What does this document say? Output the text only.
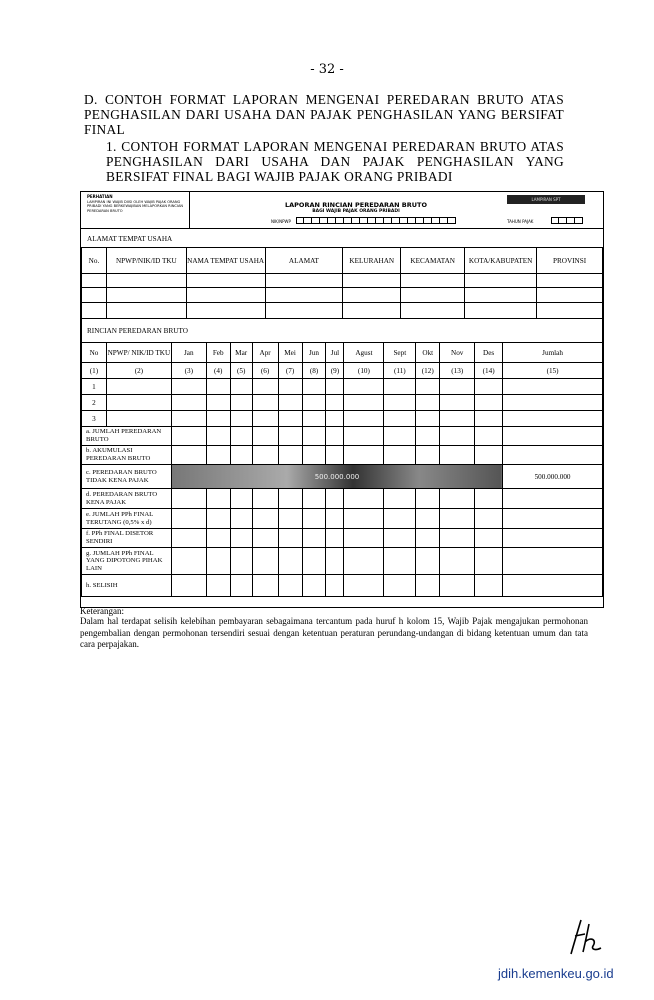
- 32 -
D. CONTOH FORMAT LAPORAN MENGENAI PEREDARAN BRUTO ATAS PENGHASILAN DARI USAHA DAN PAJAK PENGHASILAN YANG BERSIFAT FINAL
1. CONTOH FORMAT LAPORAN MENGENAI PEREDARAN BRUTO ATAS PENGHASILAN DARI USAHA DAN PAJAK PENGHASILAN YANG BERSIFAT FINAL BAGI WAJIB PAJAK ORANG PRIBADI
PERHATIAN
LAMPIRAN INI WAJIB DIISI OLEH WAJIB PAJAK ORANG PRIBADI YANG BERKEWAJIBAN MELAPORKAN RINCIAN PEREDARAN BRUTO
LAPORAN RINCIAN PEREDARAN BRUTO
BAGI WAJIB PAJAK ORANG PRIBADI
NIK/NPWP
LAMPIRAN SPT
TAHUN PAJAK
ALAMAT TEMPAT USAHA
No.	NPWP/NIK/ID TKU	NAMA TEMPAT USAHA	ALAMAT	KELURAHAN	KECAMATAN	KOTA/KABUPATEN	PROVINSI

RINCIAN PEREDARAN BRUTO
No	NPWP/ NIK/ID TKU	Jan	Feb	Mar	Apr	Mei	Jun	Jul	Agust	Sept	Okt	Nov	Des	Jumlah
(1)	(2)	(3)	(4)	(5)	(6)	(7)	(8)	(9)	(10)	(11)	(12)	(13)	(14)	(15)
1														
2														
3														
a. JUMLAH PEREDARAN BRUTO														
b. AKUMULASI PEREDARAN BRUTO														
c. PEREDARAN BRUTO TIDAK KENA PAJAK		500.000.000												500.000.000
d. PEREDARAN BRUTO KENA PAJAK														
e. JUMLAH PPh FINAL TERUTANG (0,5% x d)														
f. PPh FINAL DISETOR SENDIRI														
g. JUMLAH PPh FINAL YANG DIPOTONG PIHAK LAIN														
h. SELISIH														
Keterangan:
Dalam hal terdapat selisih kelebihan pembayaran sebagaimana tercantum pada huruf h kolom 15, Wajib Pajak mengajukan permohonan pengembalian dengan permohonan tersendiri sesuai dengan ketentuan peraturan perundang-undangan di bidang ketentuan umum dan tata cara perpajakan.
jdih.kemenkeu.go.id
